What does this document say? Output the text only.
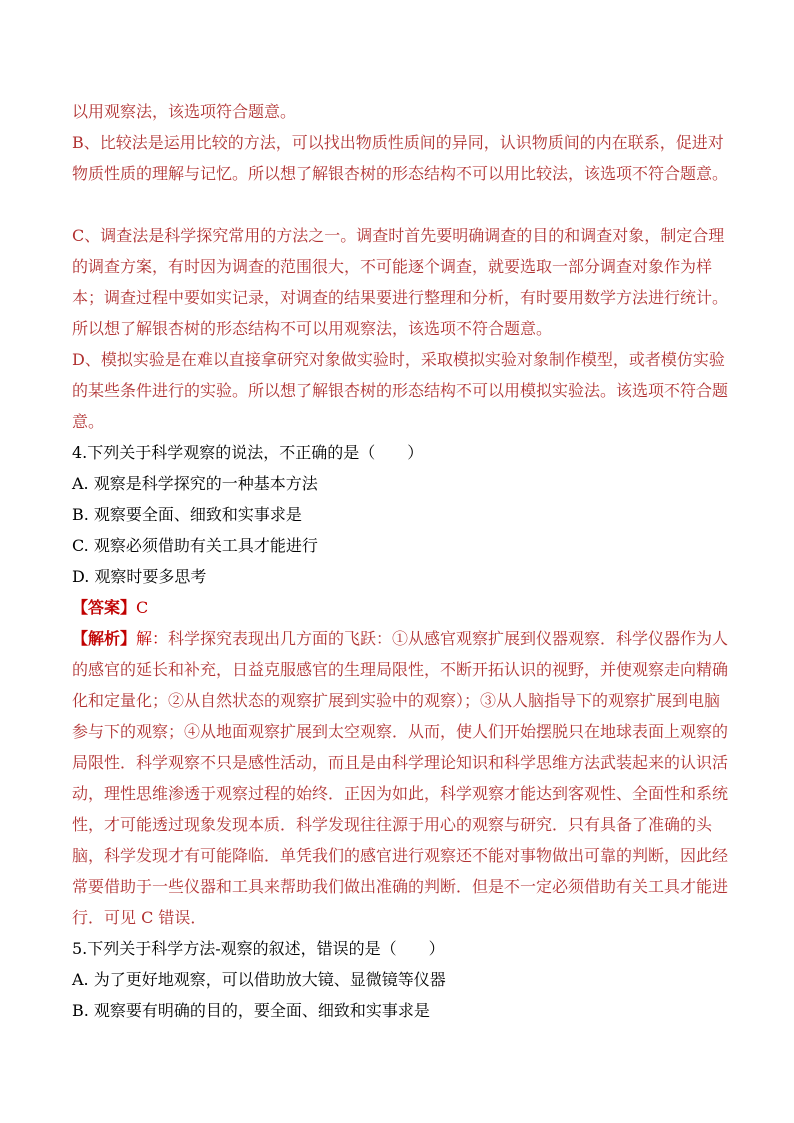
以用观察法，该选项符合题意。

B、比较法是运用比较的方法，可以找出物质性质间的异同，认识物质间的内在联系，促进对物质性质的理解与记忆。所以想了解银杏树的形态结构不可以用比较法，该选项不符合题意。

C、调查法是科学探究常用的方法之一。调查时首先要明确调查的目的和调查对象，制定合理的调查方案，有时因为调查的范围很大，不可能逐个调查，就要选取一部分调查对象作为样本；调查过程中要如实记录，对调查的结果要进行整理和分析，有时要用数学方法进行统计。所以想了解银杏树的形态结构不可以用观察法，该选项不符合题意。

D、模拟实验是在难以直接拿研究对象做实验时，采取模拟实验对象制作模型，或者模仿实验的某些条件进行的实验。所以想了解银杏树的形态结构不可以用模拟实验法。该选项不符合题意。

4.下列关于科学观察的说法，不正确的是（　　）

A. 观察是科学探究的一种基本方法

B. 观察要全面、细致和实事求是

C. 观察必须借助有关工具才能进行

D. 观察时要多思考

【答案】C

【解析】解：科学探究表现出几方面的飞跃：①从感官观察扩展到仪器观察．科学仪器作为人的感官的延长和补充，日益克服感官的生理局限性，不断开拓认识的视野，并使观察走向精确化和定量化；②从自然状态的观察扩展到实验中的观察）；③从人脑指导下的观察扩展到电脑参与下的观察；④从地面观察扩展到太空观察．从而，使人们开始摆脱只在地球表面上观察的局限性．科学观察不只是感性活动，而且是由科学理论知识和科学思维方法武装起来的认识活动，理性思维渗透于观察过程的始终．正因为如此，科学观察才能达到客观性、全面性和系统性，才可能透过现象发现本质．科学发现往往源于用心的观察与研究．只有具备了准确的头脑，科学发现才有可能降临．单凭我们的感官进行观察还不能对事物做出可靠的判断，因此经常要借助于一些仪器和工具来帮助我们做出准确的判断．但是不一定必须借助有关工具才能进行．可见 C 错误．

5.下列关于科学方法-观察的叙述，错误的是（　　）

A. 为了更好地观察，可以借助放大镜、显微镜等仪器

B. 观察要有明确的目的，要全面、细致和实事求是
